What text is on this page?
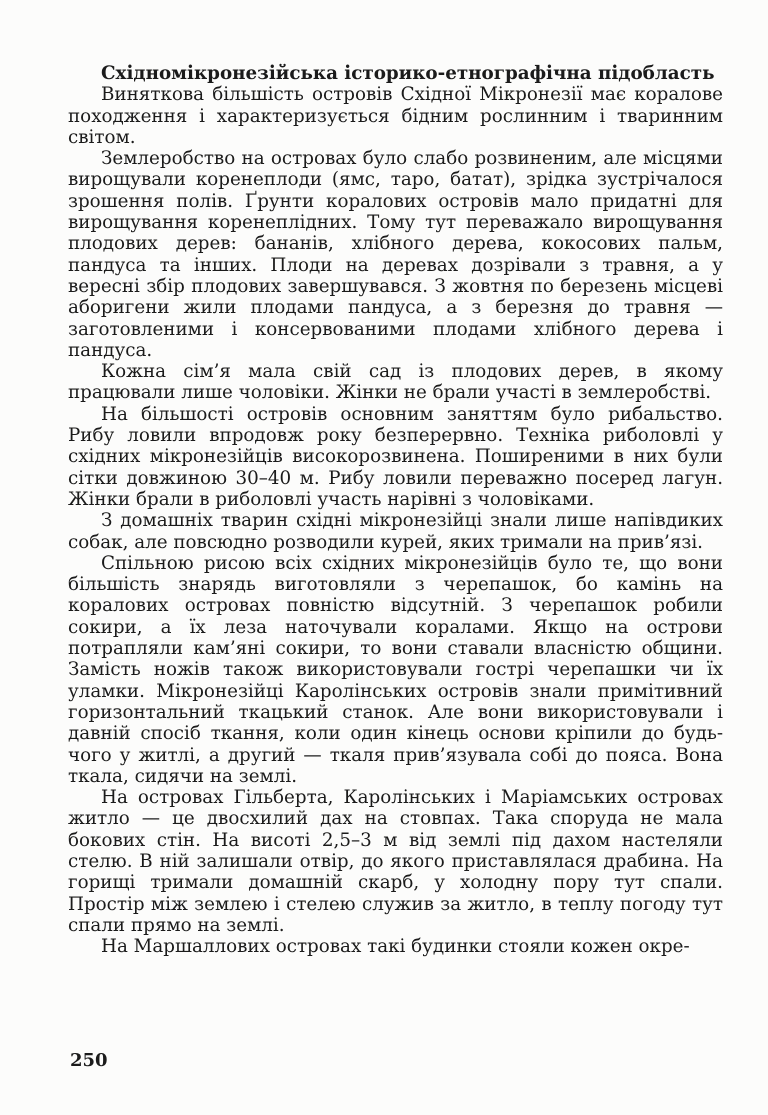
Східномікронезійська історико-етнографічна підобласть

Виняткова більшість островів Східної Мікронезії має коралове походження і характеризується бідним рослинним і тваринним світом.

Землеробство на островах було слабо розвиненим, але місцями вирощували коренеплоди (ямс, таро, батат), зрідка зустрічалося зрошення полів. Ґрунти коралових островів мало придатні для вирощування коренеплідних. Тому тут переважало вирощування плодових дерев: бананів, хлібного дерева, кокосових пальм, пандуса та інших. Плоди на деревах дозрівали з травня, а у вересні збір плодових завершувався. З жовтня по березень місцеві аборигени жили плодами пандуса, а з березня до травня — заготовленими і консервованими плодами хлібного дерева і пандуса.

Кожна сім’я мала свій сад із плодових дерев, в якому працювали лише чоловіки. Жінки не брали участі в землеробстві.

На більшості островів основним заняттям було рибальство. Рибу ловили впродовж року безперервно. Техніка риболовлі у східних мікронезійців високорозвинена. Поширеними в них були сітки довжиною 30–40 м. Рибу ловили переважно посеред лагун. Жінки брали в риболовлі участь нарівні з чоловіками.

З домашніх тварин східні мікронезійці знали лише напівдиких собак, але повсюдно розводили курей, яких тримали на прив’язі.

Спільною рисою всіх східних мікронезійців було те, що вони більшість знарядь виготовляли з черепашок, бо камінь на коралових островах повністю відсутній. З черепашок робили сокири, а їх леза наточували коралами. Якщо на острови потрапляли кам’яні сокири, то вони ставали власністю общини. Замість ножів також використовували гострі черепашки чи їх уламки. Мікронезійці Каролінських островів знали примітивний горизонтальний ткацький станок. Але вони використовували і давній спосіб ткання, коли один кінець основи кріпили до будь-чого у житлі, а другий — ткаля прив’язувала собі до пояса. Вона ткала, сидячи на землі.

На островах Гільберта, Каролінських і Маріамських островах житло — це двосхилий дах на стовпах. Така споруда не мала бокових стін. На висоті 2,5–3 м від землі під дахом настеляли стелю. В ній залишали отвір, до якого приставлялася драбина. На горищі тримали домашній скарб, у холодну пору тут спали. Простір між землею і стелею служив за житло, в теплу погоду тут спали прямо на землі.

На Маршаллових островах такі будинки стояли кожен окре-

250
